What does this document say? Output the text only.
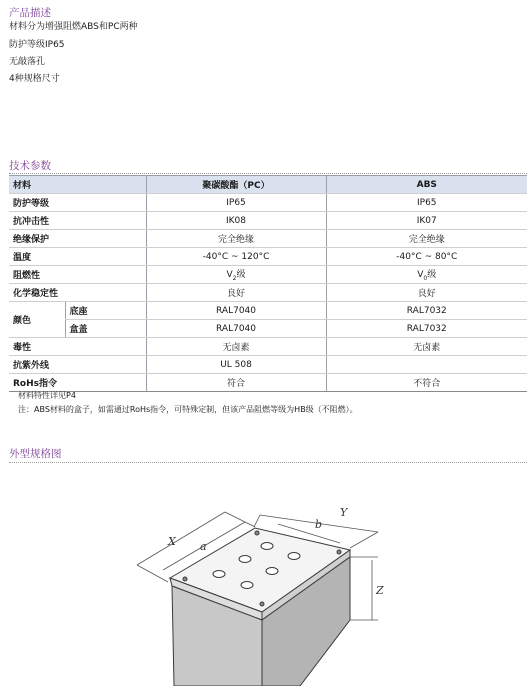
产品描述
材料分为增强阻燃ABS和PC两种
防护等级IP65
无敲落孔
4种规格尺寸
技术参数
材料		聚碳酸酯（PC）	ABS
防护等级		IP65	IP65
抗冲击性		IK08	IK07
绝缘保护		完全绝缘	完全绝缘
温度		-40°C ~ 120°C	-40°C ~ 80°C
阻燃性		$V_2$级	$V_0$级
化学稳定性		良好	良好
颜色	底座	RAL7040	RAL7032
	盒盖	RAL7040	RAL7032
毒性		无卤素	无卤素
抗紫外线		UL 508	
RoHs指令		符合	不符合
材料特性详见P4
注：ABS材料的盒子，如需通过RoHs指令，可特殊定制，但该产品阻燃等级为HB级（不阻燃）。
外型规格图
X a
Y
b
Z
